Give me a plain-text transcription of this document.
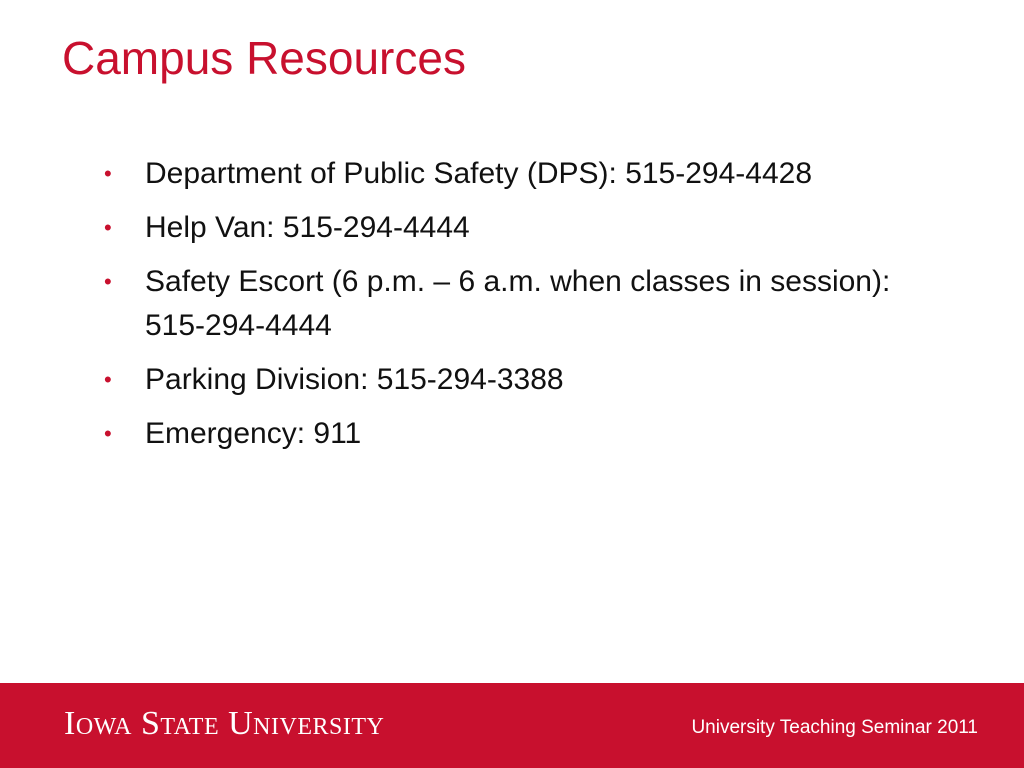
Campus Resources
• Department of Public Safety (DPS): 515-294-4428
• Help Van: 515-294-4444
• Safety Escort (6 p.m. – 6 a.m. when classes in session): 515-294-4444
• Parking Division: 515-294-3388
• Emergency: 911
Iowa State University	University Teaching Seminar 2011
